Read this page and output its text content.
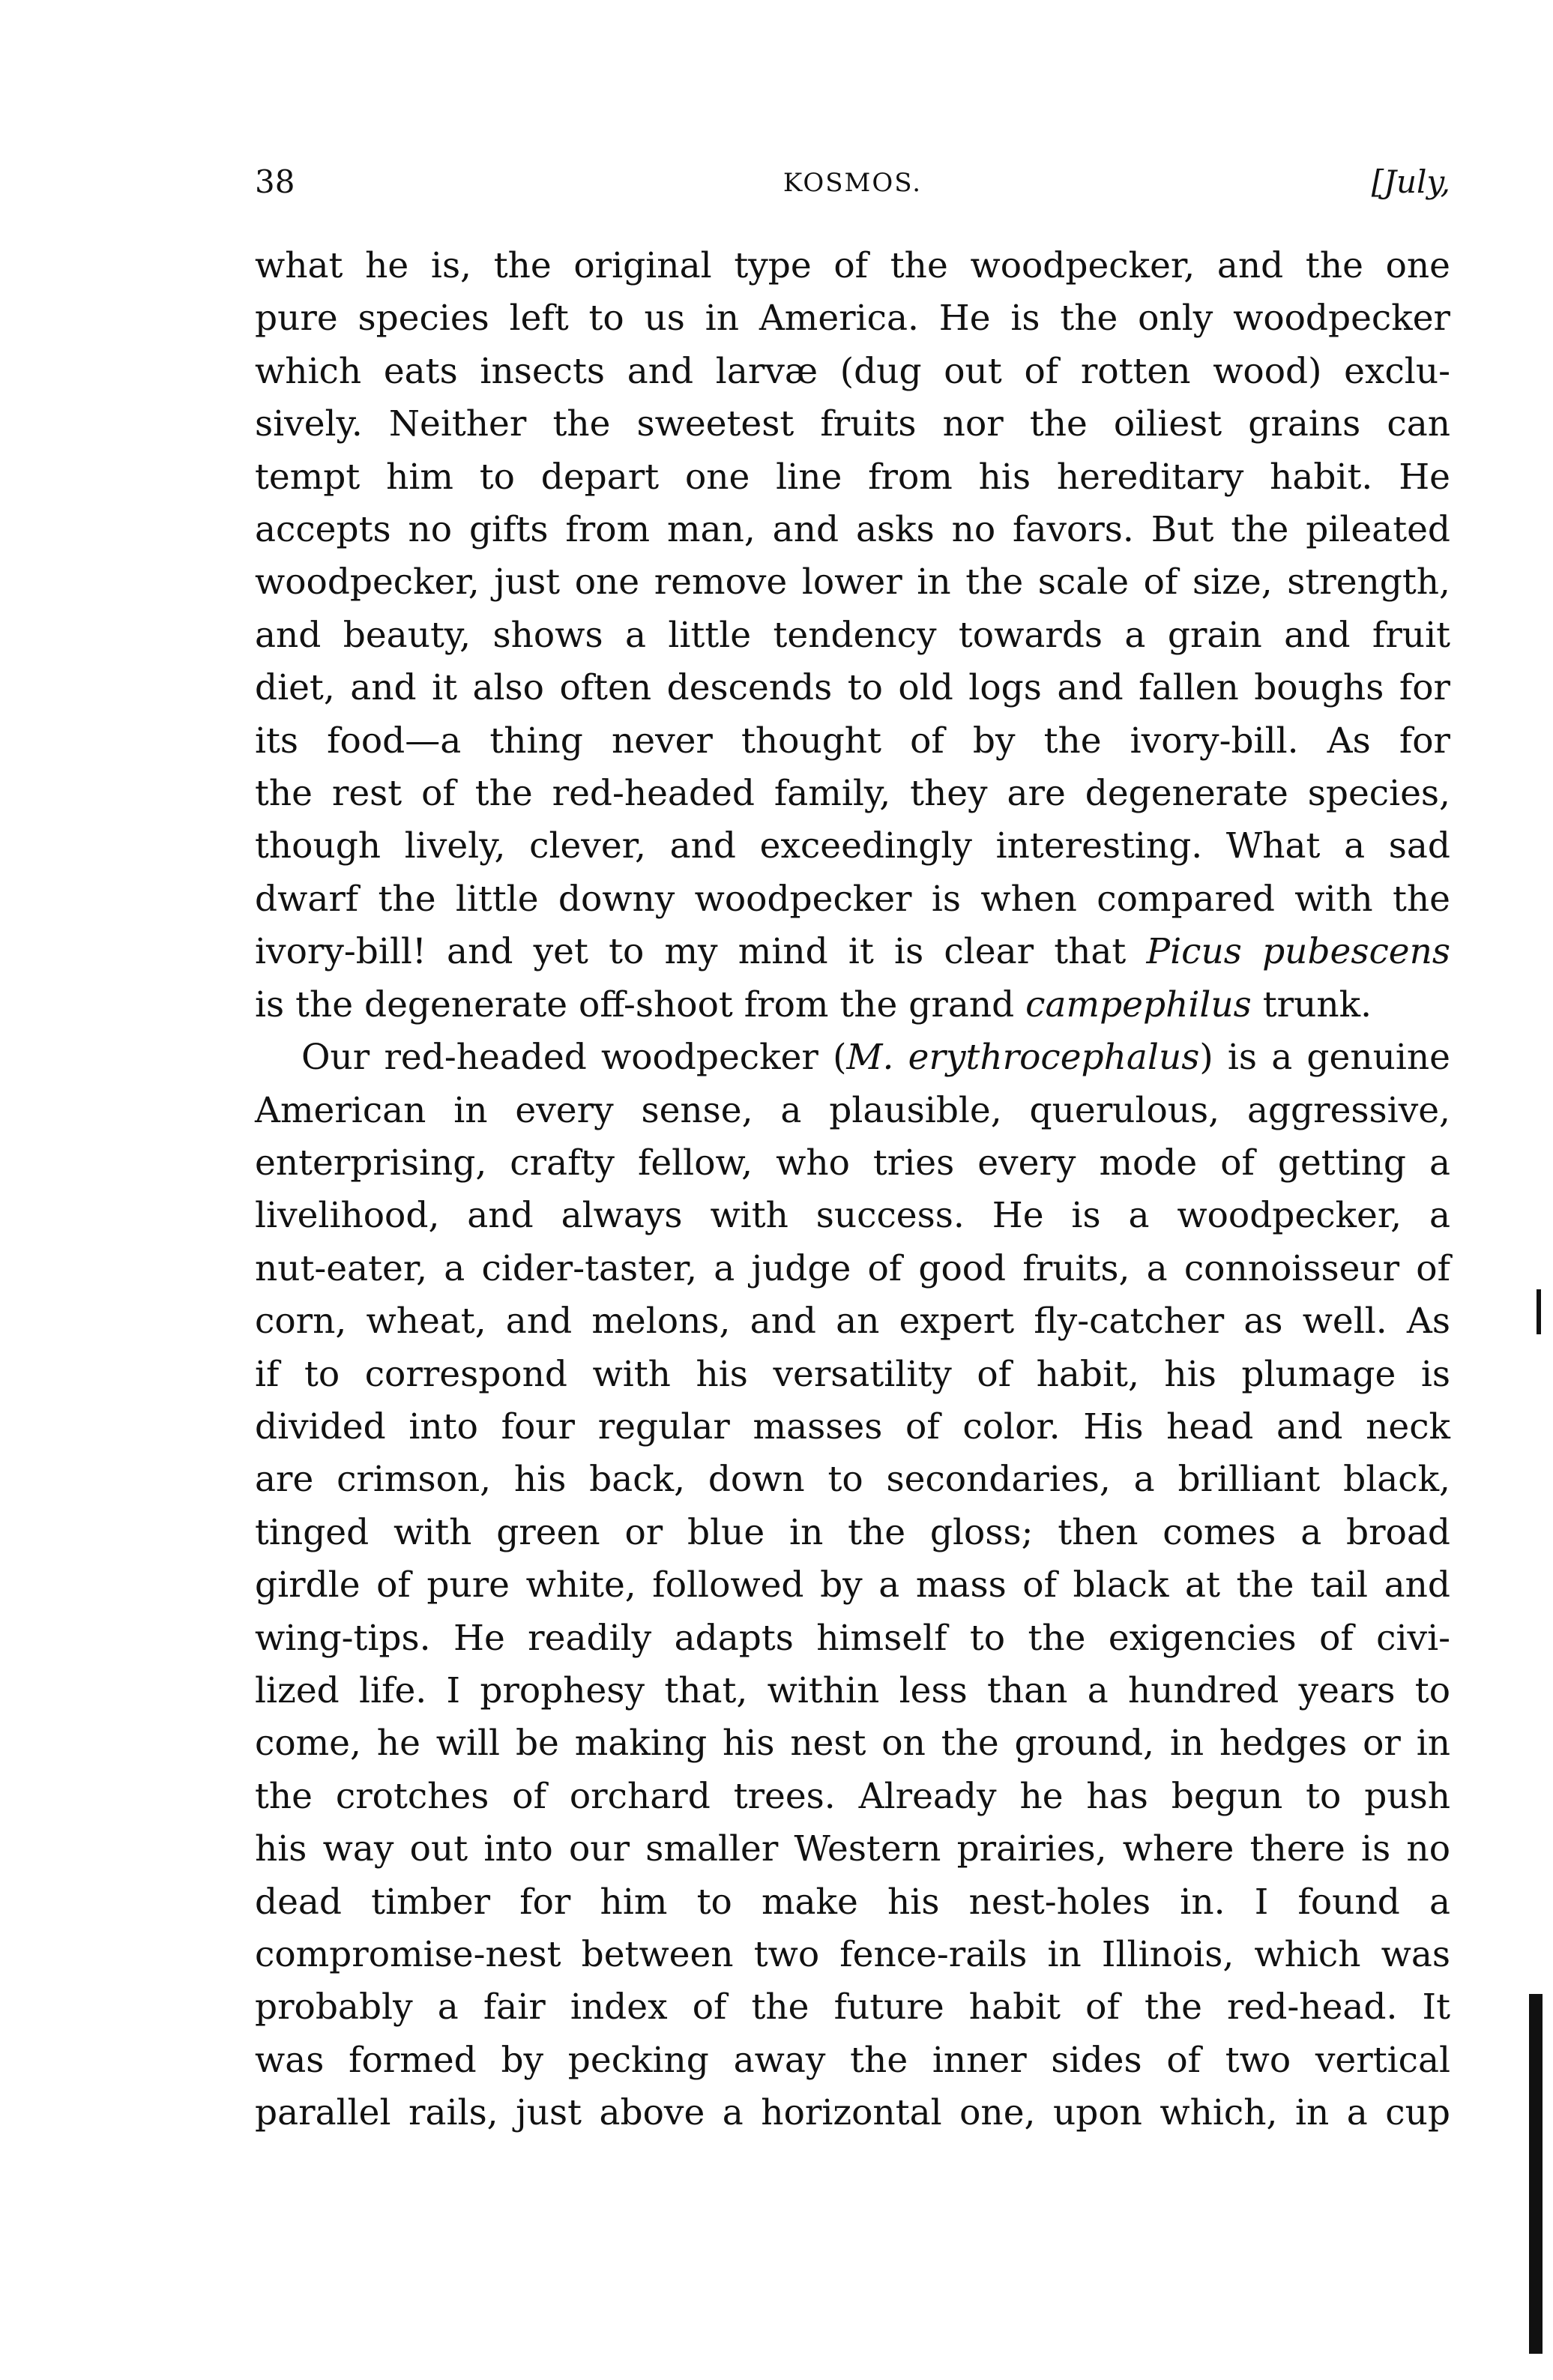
38	KOSMOS.	[July,
what he is, the original type of the woodpecker, and the one
pure species left to us in America. He is the only woodpecker
which eats insects and larvæ (dug out of rotten wood) exclu-
sively. Neither the sweetest fruits nor the oiliest grains can
tempt him to depart one line from his hereditary habit. He
accepts no gifts from man, and asks no favors. But the pileated
woodpecker, just one remove lower in the scale of size, strength,
and beauty, shows a little tendency towards a grain and fruit
diet, and it also often descends to old logs and fallen boughs for
its food—a thing never thought of by the ivory-bill. As for
the rest of the red-headed family, they are degenerate species,
though lively, clever, and exceedingly interesting. What a sad
dwarf the little downy woodpecker is when compared with the
ivory-bill! and yet to my mind it is clear that Picus pubescens
is the degenerate off-shoot from the grand campephilus trunk.
Our red-headed woodpecker (M. erythrocephalus) is a genuine
American in every sense, a plausible, querulous, aggressive,
enterprising, crafty fellow, who tries every mode of getting a
livelihood, and always with success. He is a woodpecker, a
nut-eater, a cider-taster, a judge of good fruits, a connoisseur of
corn, wheat, and melons, and an expert fly-catcher as well. As
if to correspond with his versatility of habit, his plumage is
divided into four regular masses of color. His head and neck
are crimson, his back, down to secondaries, a brilliant black,
tinged with green or blue in the gloss; then comes a broad
girdle of pure white, followed by a mass of black at the tail and
wing-tips. He readily adapts himself to the exigencies of civi-
lized life. I prophesy that, within less than a hundred years to
come, he will be making his nest on the ground, in hedges or in
the crotches of orchard trees. Already he has begun to push
his way out into our smaller Western prairies, where there is no
dead timber for him to make his nest-holes in. I found a
compromise-nest between two fence-rails in Illinois, which was
probably a fair index of the future habit of the red-head. It
was formed by pecking away the inner sides of two vertical
parallel rails, just above a horizontal one, upon which, in a cup
